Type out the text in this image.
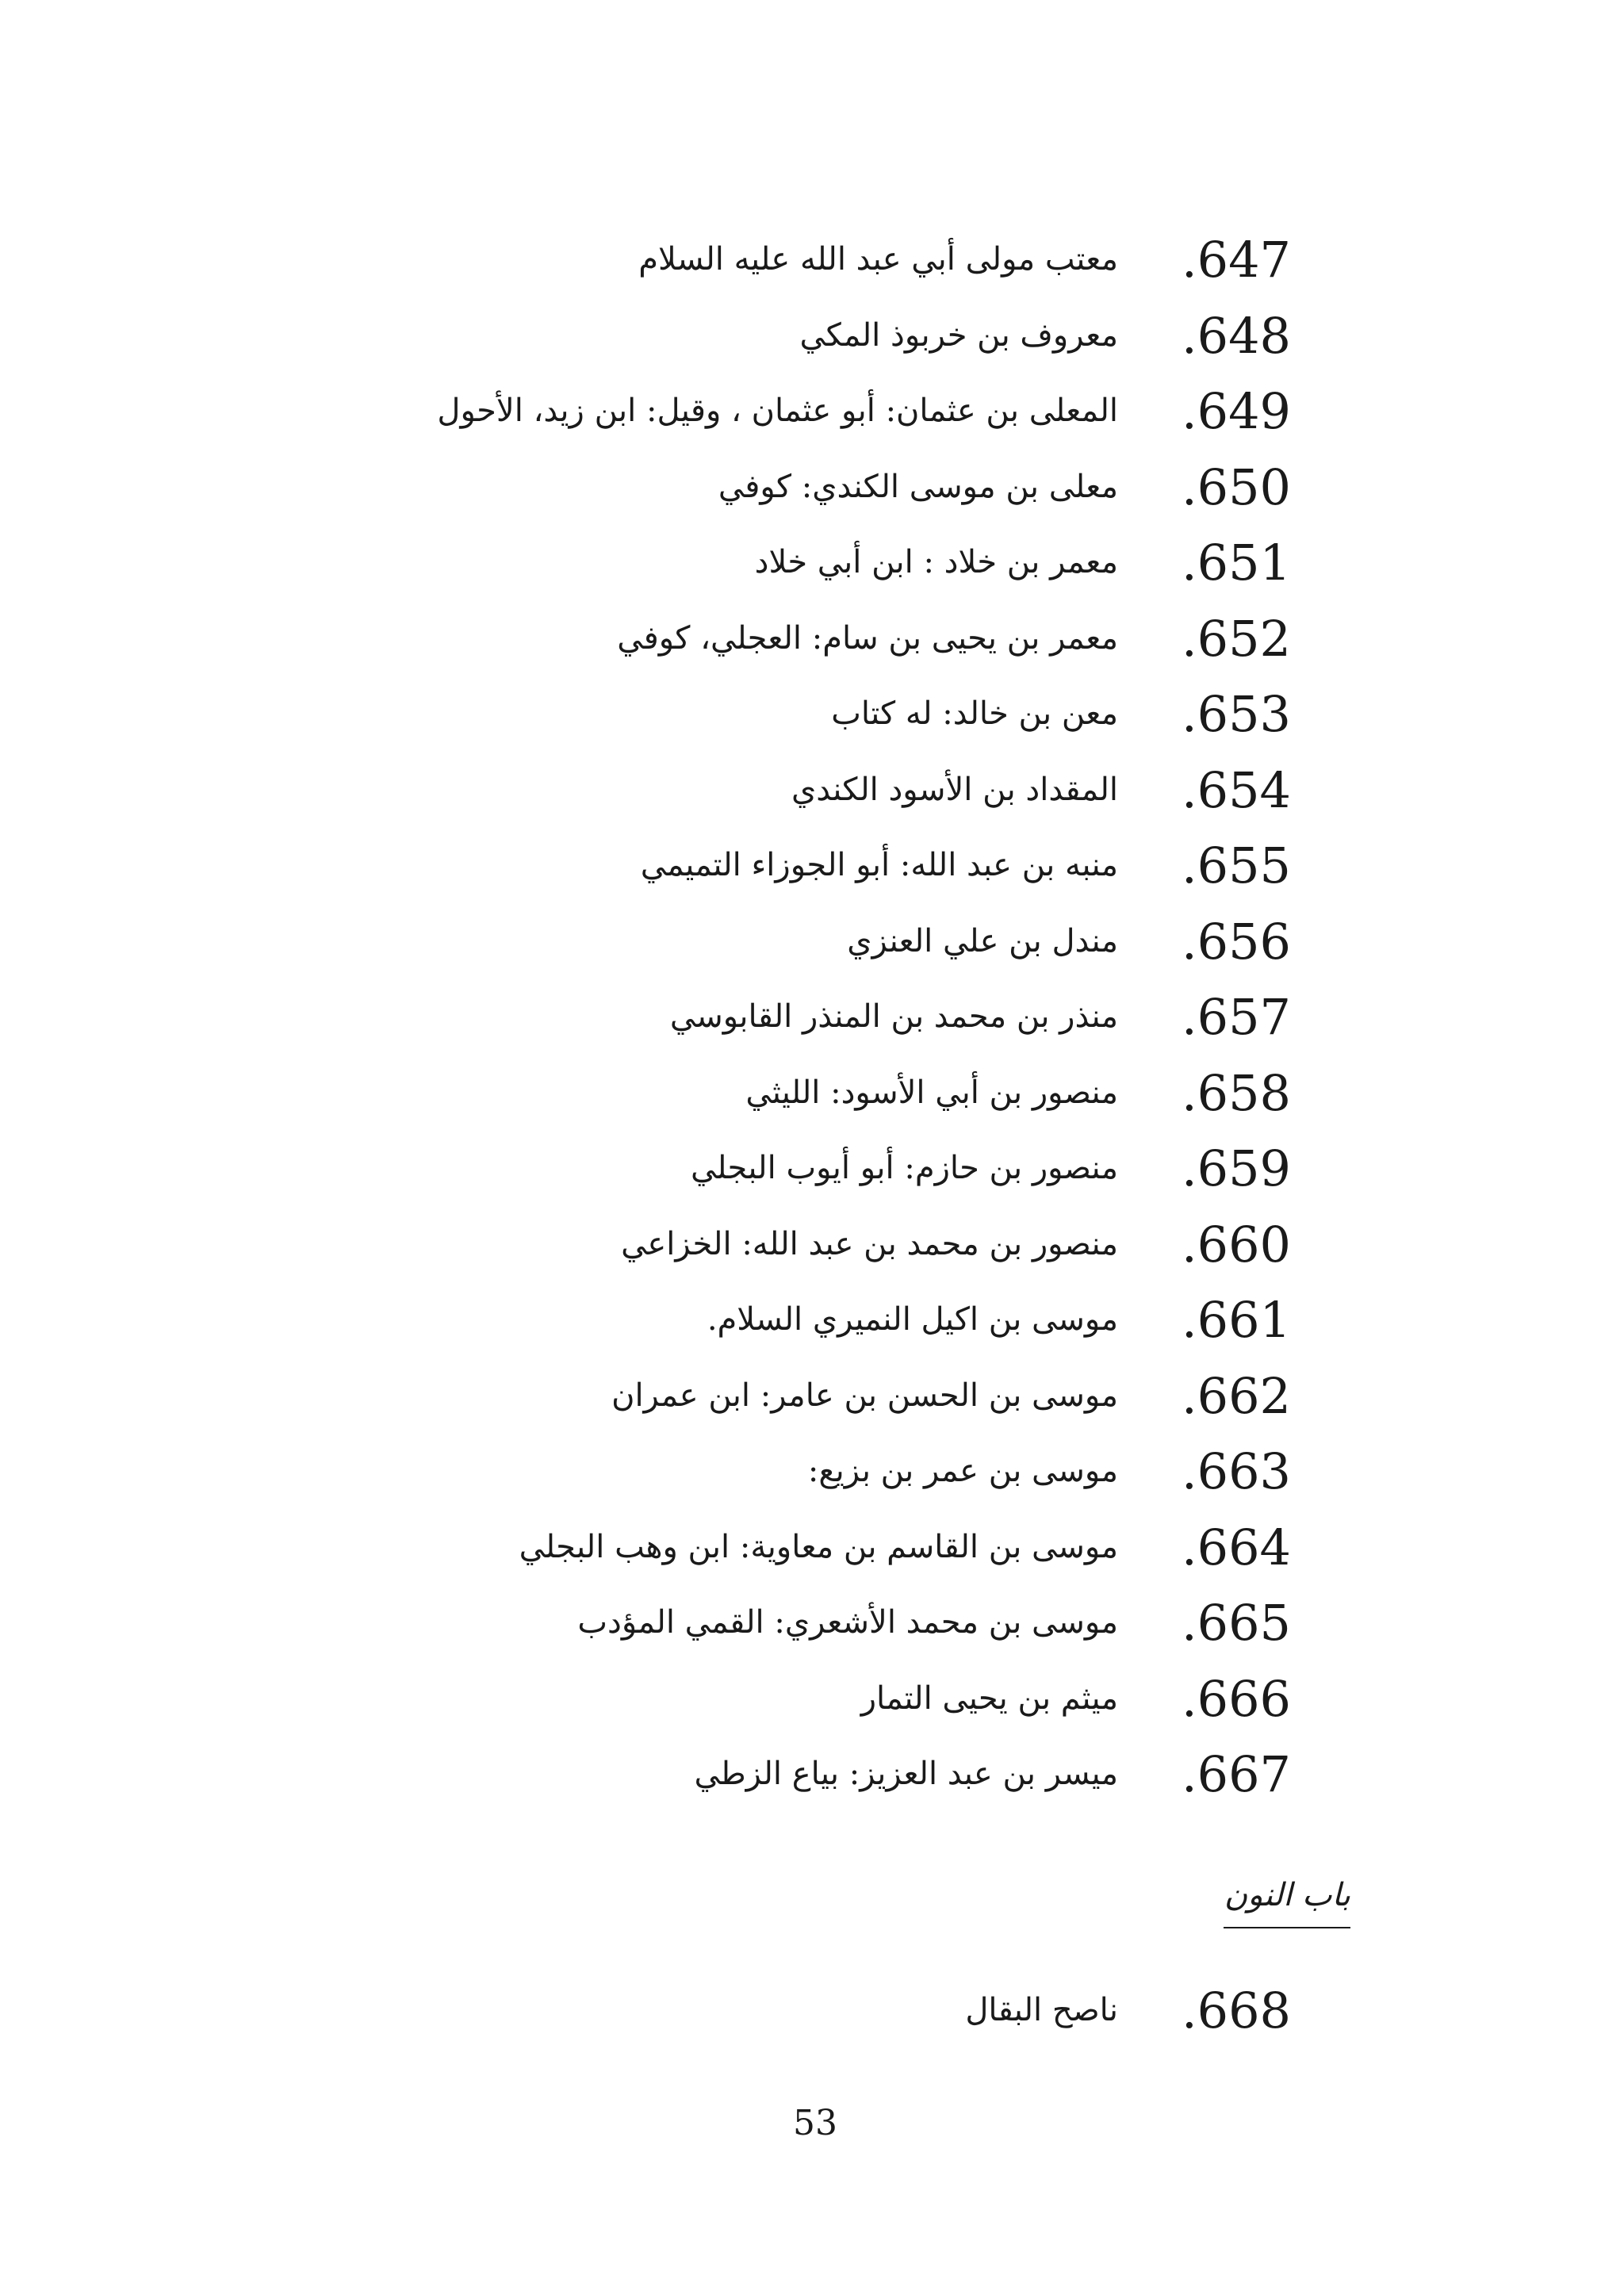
.647
معتب مولى أبي عبد الله عليه السلام
.648
معروف بن خربوذ المكي
.649
المعلى بن عثمان: أبو عثمان ، وقيل: ابن زيد، الأحول
.650
معلى بن موسى الكندي: كوفي
.651
معمر بن خلاد : ابن أبي خلاد
.652
معمر بن يحيى بن سام: العجلي، كوفي
.653
معن بن خالد: له كتاب
.654
المقداد بن الأسود الكندي
.655
منبه بن عبد الله: أبو الجوزاء التميمي
.656
مندل بن علي العنزي
.657
منذر بن محمد بن المنذر القابوسي
.658
منصور بن أبي الأسود: الليثي
.659
منصور بن حازم: أبو أيوب البجلي
.660
منصور بن محمد بن عبد الله: الخزاعي
.661
موسى بن اكيل النميري السلام.
.662
موسى بن الحسن بن عامر: ابن عمران
.663
موسى بن عمر بن بزيع:
.664
موسى بن القاسم بن معاوية: ابن وهب البجلي
.665
موسى بن محمد الأشعري: القمي المؤدب
.666
ميثم بن يحيى التمار
.667
ميسر بن عبد العزيز: بياع الزطي
باب النون
.668
ناصح البقال
53
